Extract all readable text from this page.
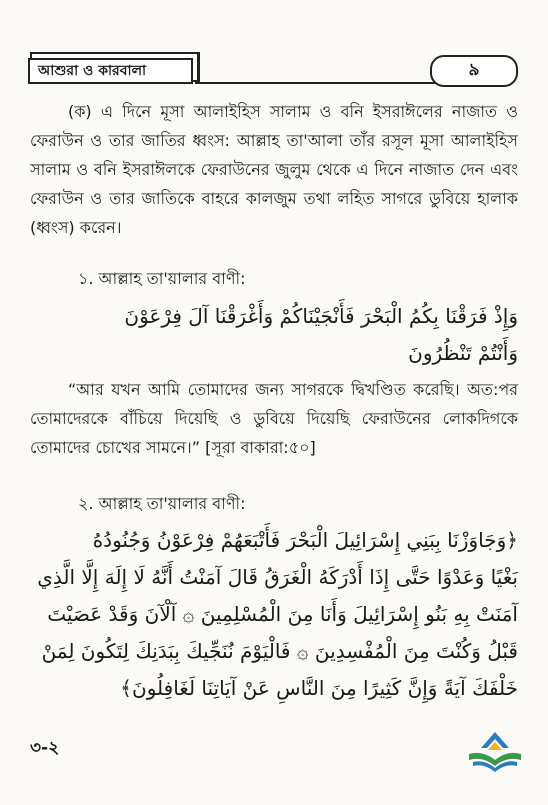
আশুরা ও কারবালা	৯
(ক) এ দিনে মূসা আলাইহিস সালাম ও বনি ইসরাঈলের নাজাত ও ফেরাউন ও তার জাতির ধ্বংস: আল্লাহ তা'আলা তাঁর রসূল মূসা আলাইহিস সালাম ও বনি ইসরাঈলকে ফেরাউনের জুলুম থেকে এ দিনে নাজাত দেন এবং ফেরাউন ও তার জাতিকে বাহরে কালজুম তথা লহিত সাগরে ডুবিয়ে হালাক (ধ্বংস) করেন।
১. আল্লাহ তা'য়ালার বাণী:
وَإِذْ فَرَقْنَا بِكُمُ الْبَحْرَ فَأَنْجَيْنَاكُمْ وَأَغْرَقْنَا آلَ فِرْعَوْنَ
وَأَنْتُمْ تَنْظُرُونَ
“আর যখন আমি তোমাদের জন্য সাগরকে দ্বিখণ্ডিত করেছি। অত:পর তোমাদেরকে বাঁচিয়ে দিয়েছি ও ডুবিয়ে দিয়েছি ফেরাউনের লোকদিগকে তোমাদের চোখের সামনে।” [সূরা বাকারা:৫০]
২. আল্লাহ তা'য়ালার বাণী:
﴿وَجَاوَزْنَا بِبَنِي إِسْرَائِيلَ الْبَحْرَ فَأَتْبَعَهُمْ فِرْعَوْنُ وَجُنُودُهُ
بَغْيًا وَعَدْوًا حَتَّى إِذَا أَدْرَكَهُ الْغَرَقُ قَالَ آمَنْتُ أَنَّهُ لَا إِلَهَ إِلَّا الَّذِي
آمَنَتْ بِهِ بَنُو إِسْرَائِيلَ وَأَنَا مِنَ الْمُسْلِمِينَ ۞ آلْآنَ وَقَدْ عَصَيْتَ
قَبْلُ وَكُنْتَ مِنَ الْمُفْسِدِينَ ۞ فَالْيَوْمَ نُنَجِّيكَ بِبَدَنِكَ لِتَكُونَ لِمَنْ
خَلْفَكَ آيَةً وَإِنَّ كَثِيرًا مِنَ النَّاسِ عَنْ آيَاتِنَا لَغَافِلُونَ﴾
৩-২
